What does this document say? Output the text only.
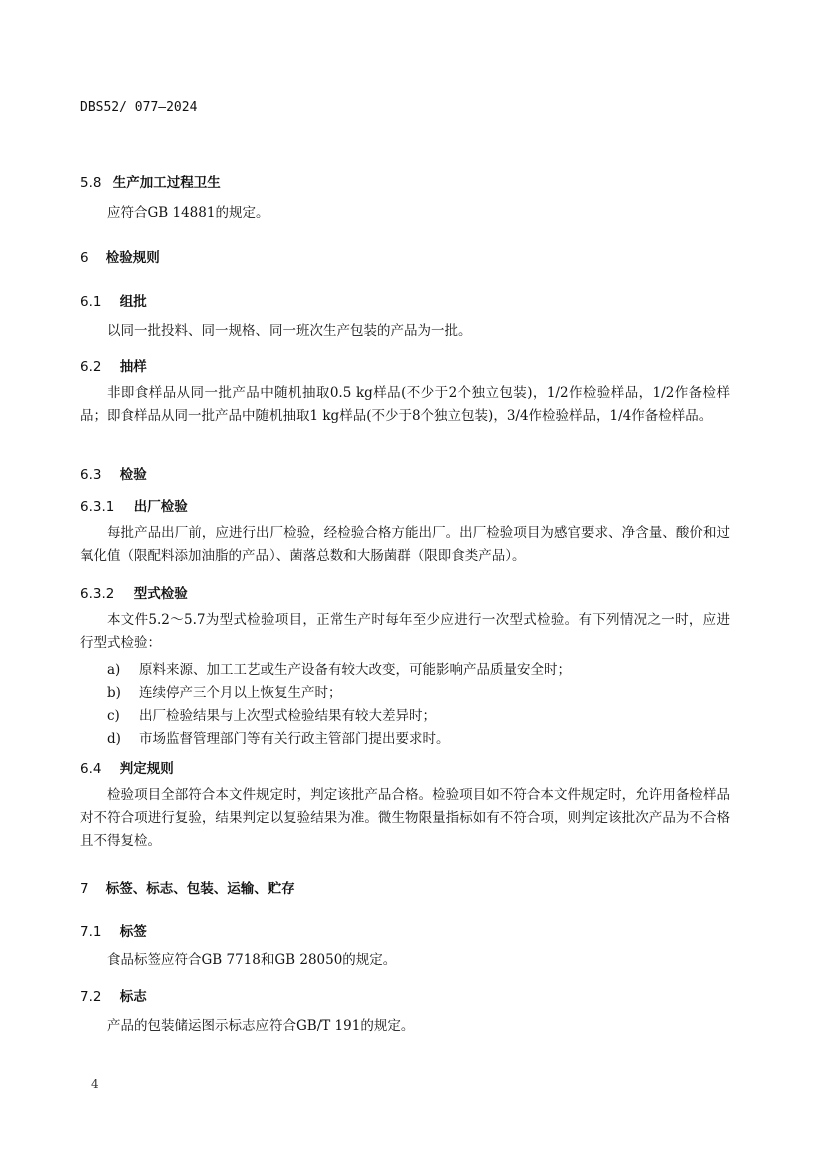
DBS52/ 077—2024
5.8 生产加工过程卫生
应符合GB 14881的规定。
6 检验规则
6.1 组批
以同一批投料、同一规格、同一班次生产包装的产品为一批。
6.2 抽样
非即食样品从同一批产品中随机抽取0.5 kg样品(不少于2个独立包装)，1/2作检验样品，1/2作备检样品；即食样品从同一批产品中随机抽取1 kg样品(不少于8个独立包装)，3/4作检验样品，1/4作备检样品。
6.3 检验
6.3.1 出厂检验
每批产品出厂前，应进行出厂检验，经检验合格方能出厂。出厂检验项目为感官要求、净含量、酸价和过氧化值（限配料添加油脂的产品）、菌落总数和大肠菌群（限即食类产品）。
6.3.2 型式检验
本文件5.2～5.7为型式检验项目，正常生产时每年至少应进行一次型式检验。有下列情况之一时，应进行型式检验：
a) 原料来源、加工工艺或生产设备有较大改变，可能影响产品质量安全时；
b) 连续停产三个月以上恢复生产时；
c) 出厂检验结果与上次型式检验结果有较大差异时；
d) 市场监督管理部门等有关行政主管部门提出要求时。
6.4 判定规则
检验项目全部符合本文件规定时，判定该批产品合格。检验项目如不符合本文件规定时，允许用备检样品对不符合项进行复验，结果判定以复验结果为准。微生物限量指标如有不符合项，则判定该批次产品为不合格且不得复检。
7 标签、标志、包装、运输、贮存
7.1 标签
食品标签应符合GB 7718和GB 28050的规定。
7.2 标志
产品的包装储运图示标志应符合GB/T 191的规定。
4
